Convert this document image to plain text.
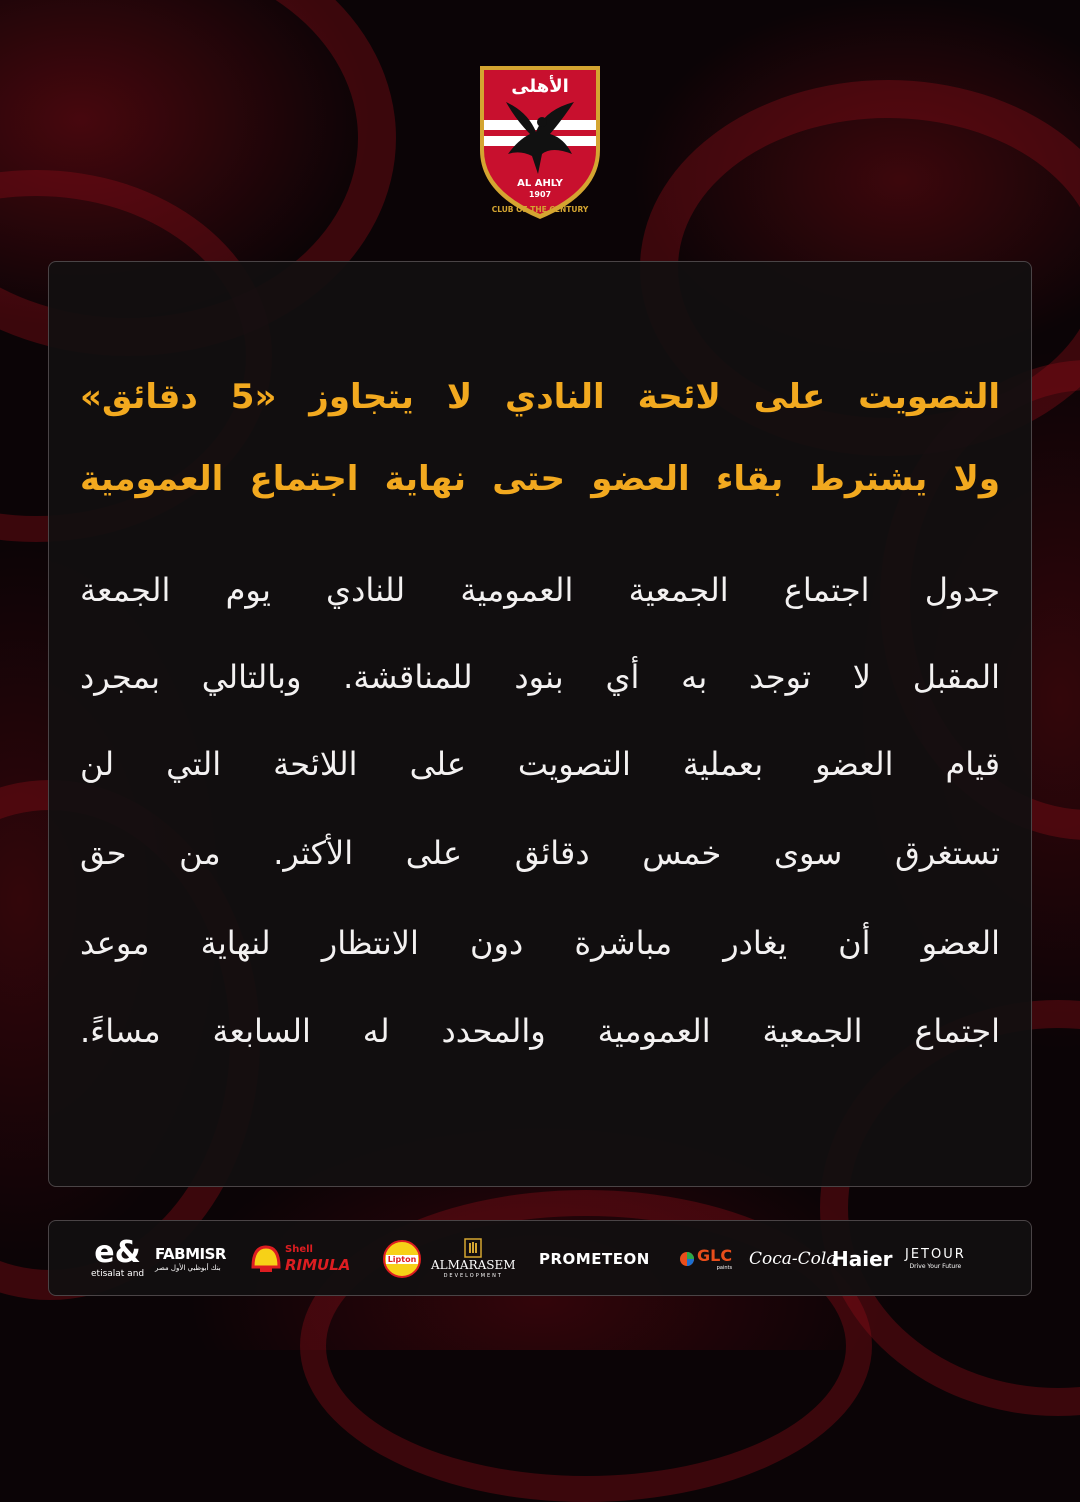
الأهلى
AL AHLY
1907
CLUB OF THE CENTURY
التصويت على لائحة النادي لا يتجاوز «5 دقائق»
ولا يشترط بقاء العضو حتى نهاية اجتماع العمومية
جدول اجتماع الجمعية العمومية للنادي يوم الجمعة
المقبل لا توجد به أي بنود للمناقشة. وبالتالي بمجرد
قيام العضو بعملية التصويت على اللائحة التي لن
تستغرق سوى خمس دقائق على الأكثر. من حق
العضو أن يغادر مباشرة دون الانتظار لنهاية موعد
اجتماع الجمعية العمومية والمحدد له السابعة مساءً.
e&
etisalat and
FABMISR
بنك أبوظبي الأول مصر
Shell
RIMULA	Lipton ALMARASEM
DEVELOPMENT
PROMETEON	GLC
paints Coca-Cola
Haier JETOUR
Drive Your Future
